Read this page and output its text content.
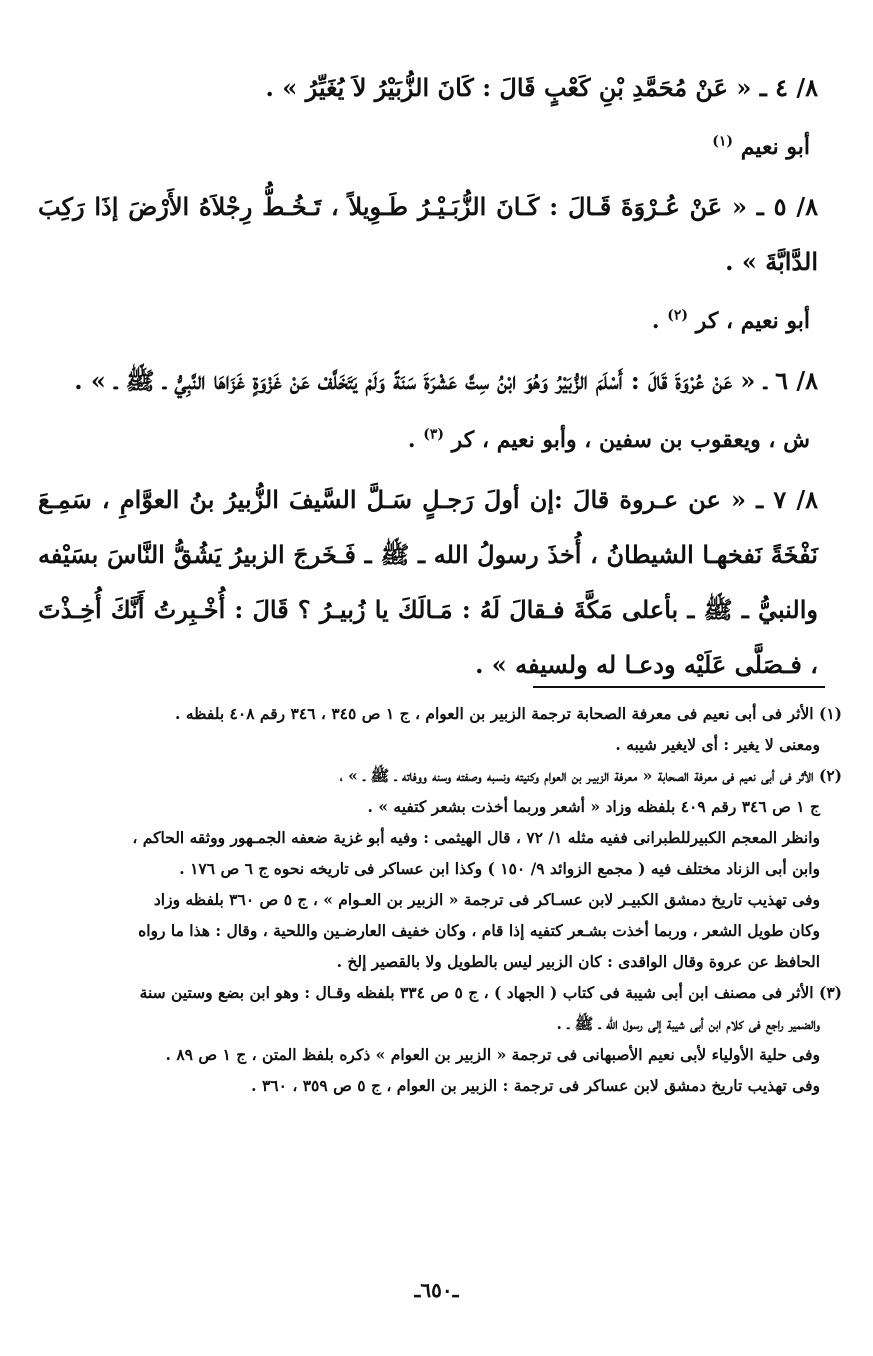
٨/ ٤ ـ « عَنْ مُحَمَّدِ بْنِ كَعْبٍ قَالَ : كَانَ الزُّبَيْرُ لاَ يُغَيِّرُ » .

أبو نعيم $^{(١)}$

٨/ ٥ ـ « عَنْ عُـرْوَةَ قَـالَ : كَـانَ الزُّبَـيْـرُ طَـوِيلاً ، تَـخُـطُّ رِجْلاَهُ الأَرْضَ إذَا رَكِبَ الدَّابَّةَ » .

أبو نعيم ، كر $^{(٢)}$ .

٨/ ٦ ـ « عَنْ عُرْوَةَ قَالَ : أَسْلَمَ الزُّبَيْرُ وَهُوَ ابْنُ سِتَّ عَشْرَةَ سَنَةً وَلَمْ يَتَخَلَّفْ عَنْ غَزْوَةٍ غَزَاهَا النَّبِيُّ ـ ﷺ ـ » .

ش ، ويعقوب بن سفين ، وأبو نعيم ، كر $^{(٣)}$ .

٨/ ٧ ـ « عن عـروة قالَ :إن أولَ رَجـلٍ سَـلَّ السَّيفَ الزُّبيرُ بنُ العوَّامِ ، سَمِـعَ نَفْخَةً نَفخهـا الشيطانُ ، أُخذَ رسولُ الله ـ ﷺ ـ فَـخَرجَ الزبيرُ يَشُقُّ النَّاسَ بسَيْفه والنبيُّ ـ ﷺ ـ بأعلى مَكَّةَ فـقالَ لَهُ : مَـالَكَ يا زُبيـرُ ؟ قَالَ : أُخْـبِرتُ أَنَّكَ أُخِـذْتَ ، فـصَلَّى عَلَيْه ودعـا له ولسيفه » .

(١) الأثر فى أبى نعيم فى معرفة الصحابة ترجمة الزبير بن العوام ، ج ١ ص ٣٤٥ ، ٣٤٦ رقم ٤٠٨ بلفظه .
ومعنى لا يغير : أى لايغير شيبه .
(٢) الأثر فى أبى نعيم فى معرفة الصحابة « معرفة الزبيـر بن العوام وكنيته ونسبه وصفته وسنه ووفاته ـ ﷺ ـ » ،
ج ١ ص ٣٤٦ رقم ٤٠٩ بلفظه وزاد « أشعر وربما أخذت بشعر كتفيه » .
وانظر المعجم الكبيرللطبرانى ففيه مثله ١/ ٧٢ ، قال الهيثمى : وفيه أبو غزية ضعفه الجمـهور ووثقه الحاكم ،
وابن أبى الزناد مختلف فيه ( مجمع الزوائد ٩/ ١٥٠ ) وكذا ابن عساكر فى تاريخه نحوه ج ٦ ص ١٧٦ .
وفى تهذيب تاريخ دمشق الكبيـر لابن عسـاكر فى ترجمة « الزبير بن العـوام » ، ج ٥ ص ٣٦٠ بلفظه وزاد
وكان طويل الشعر ، وربما أخذت بشـعر كتفيه إذا قام ، وكان خفيف العارضـين واللحية ، وقال : هذا ما رواه
الحافظ عن عروة وقال الواقدى : كان الزبير ليس بالطويل ولا بالقصير إلخ .
(٣) الأثر فى مصنف ابن أبى شيبة فى كتاب ( الجهاد ) ، ج ٥ ص ٣٣٤ بلفظه وقـال : وهو ابن بضع وستين سنة
والضمير راجع فى كلام ابن أبى شيبة إلى رسول الله ـ ﷺ ـ .
وفى حلية الأولياء لأبى نعيم الأصبهانى فى ترجمة « الزبير بن العوام » ذكره بلفظ المتن ، ج ١ ص ٨٩ .
وفى تهذيب تاريخ دمشق لابن عساكر فى ترجمة : الزبير بن العوام ، ج ٥ ص ٣٥٩ ، ٣٦٠ .
ـ٦٥٠ـ
